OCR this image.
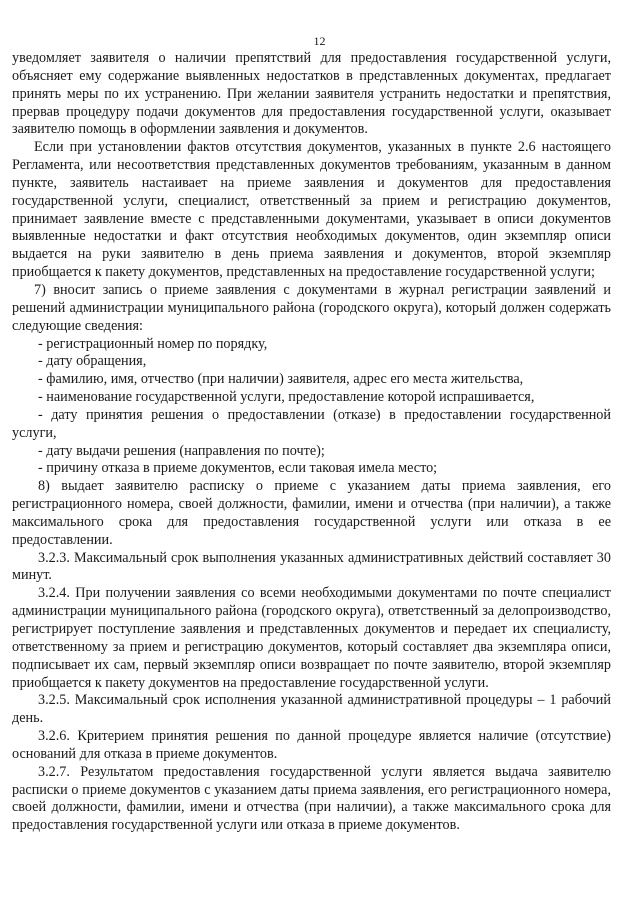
12

уведомляет заявителя о наличии препятствий для предоставления государственной услуги, объясняет ему содержание выявленных недостатков в представленных документах, предлагает принять меры по их устранению. При желании заявителя устранить недостатки и препятствия, прервав процедуру подачи документов для предоставления государственной услуги, оказывает заявителю помощь в оформлении заявления и документов.

Если при установлении фактов отсутствия документов, указанных в пункте 2.6 настоящего Регламента, или несоответствия представленных документов требованиям, указанным в данном пункте, заявитель настаивает на приеме заявления и документов для предоставления государственной услуги, специалист, ответственный за прием и регистрацию документов, принимает заявление вместе с представленными документами, указывает в описи документов выявленные недостатки и факт отсутствия необходимых документов, один экземпляр описи выдается на руки заявителю в день приема заявления и документов, второй экземпляр приобщается к пакету документов, представленных на предоставление государственной услуги;

7) вносит запись о приеме заявления с документами в журнал регистрации заявлений и решений администрации муниципального района (городского округа), который должен содержать следующие сведения:

- регистрационный номер по порядку,

- дату обращения,

- фамилию, имя, отчество (при наличии) заявителя, адрес его места жительства,

- наименование государственной услуги, предоставление которой испрашивается,

- дату принятия решения о предоставлении (отказе) в предоставлении государственной услуги,

- дату выдачи решения (направления по почте);

- причину отказа в приеме документов, если таковая имела место;

8) выдает заявителю расписку о приеме с указанием даты приема заявления, его регистрационного номера, своей должности, фамилии, имени и отчества (при наличии), а также максимального срока для предоставления государственной услуги или отказа в ее предоставлении.

3.2.3. Максимальный срок выполнения указанных административных действий составляет 30 минут.

3.2.4. При получении заявления со всеми необходимыми документами по почте специалист администрации муниципального района (городского округа), ответственный за делопроизводство, регистрирует поступление заявления и представленных документов и передает их специалисту, ответственному за прием и регистрацию документов, который составляет два экземпляра описи, подписывает их сам, первый экземпляр описи возвращает по почте заявителю, второй экземпляр приобщается к пакету документов на предоставление государственной услуги.

3.2.5. Максимальный срок исполнения указанной административной процедуры – 1 рабочий день.

3.2.6. Критерием принятия решения по данной процедуре является наличие (отсутствие) оснований для отказа в приеме документов.

3.2.7. Результатом предоставления государственной услуги является выдача заявителю расписки о приеме документов с указанием даты приема заявления, его регистрационного номера, своей должности, фамилии, имени и отчества (при наличии), а также максимального срока для предоставления государственной услуги или отказа в приеме документов.
